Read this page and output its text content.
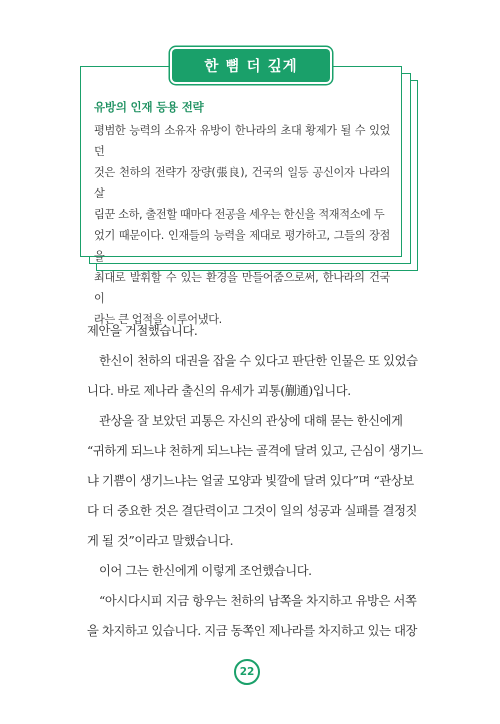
한 뼘 더 깊게
유방의 인재 등용 전략
평범한 능력의 소유자 유방이 한나라의 초대 황제가 될 수 있었던
것은 천하의 전략가 장량(張良), 건국의 일등 공신이자 나라의 살
림꾼 소하, 출전할 때마다 전공을 세우는 한신을 적재적소에 두
었기 때문이다. 인재들의 능력을 제대로 평가하고, 그들의 장점을
최대로 발휘할 수 있는 환경을 만들어줌으로써, 한나라의 건국이
라는 큰 업적을 이루어냈다.

제안을 거절했습니다.

한신이 천하의 대권을 잡을 수 있다고 판단한 인물은 또 있었습

니다. 바로 제나라 출신의 유세가 괴통(蒯通)입니다.

관상을 잘 보았던 괴통은 자신의 관상에 대해 묻는 한신에게

“귀하게 되느냐 천하게 되느냐는 골격에 달려 있고, 근심이 생기느

냐 기쁨이 생기느냐는 얼굴 모양과 빛깔에 달려 있다”며 “관상보

다 더 중요한 것은 결단력이고 그것이 일의 성공과 실패를 결정짓

게 될 것”이라고 말했습니다.

이어 그는 한신에게 이렇게 조언했습니다.

“아시다시피 지금 항우는 천하의 남쪽을 차지하고 유방은 서쪽

을 차지하고 있습니다. 지금 동쪽인 제나라를 차지하고 있는 대장

22
